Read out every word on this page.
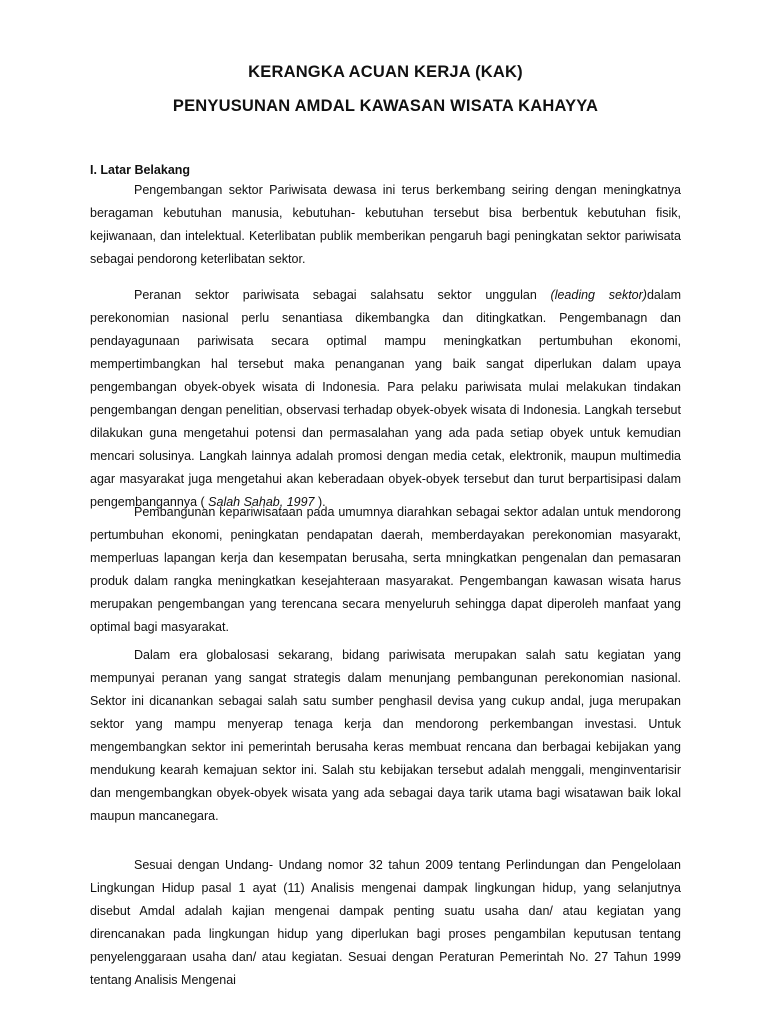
KERANGKA ACUAN KERJA (KAK)
PENYUSUNAN AMDAL KAWASAN WISATA KAHAYYA
I. Latar Belakang

Pengembangan sektor Pariwisata dewasa ini terus berkembang seiring dengan meningkatnya beragaman kebutuhan manusia, kebutuhan- kebutuhan tersebut bisa berbentuk kebutuhan fisik, kejiwanaan, dan intelektual. Keterlibatan publik memberikan pengaruh bagi peningkatan sektor pariwisata sebagai pendorong keterlibatan sektor.

Peranan sektor pariwisata sebagai salahsatu sektor unggulan (leading sektor)dalam perekonomian nasional perlu senantiasa dikembangka dan ditingkatkan. Pengembanagn dan pendayagunaan pariwisata secara optimal mampu meningkatkan pertumbuhan ekonomi, mempertimbangkan hal tersebut maka penanganan yang baik sangat diperlukan dalam upaya pengembangan obyek-obyek wisata di Indonesia. Para pelaku pariwisata mulai melakukan tindakan pengembangan dengan penelitian, observasi terhadap obyek-obyek wisata di Indonesia. Langkah tersebut dilakukan guna mengetahui potensi dan permasalahan yang ada pada setiap obyek untuk kemudian mencari solusinya. Langkah lainnya adalah promosi dengan media cetak, elektronik, maupun multimedia agar masyarakat juga mengetahui akan keberadaan obyek-obyek tersebut dan turut berpartisipasi dalam pengembangannya ( Salah Sahab, 1997 ).

Pembangunan kepariwisataan pada umumnya diarahkan sebagai sektor adalan untuk mendorong pertumbuhan ekonomi, peningkatan pendapatan daerah, memberdayakan perekonomian masyarakt, memperluas lapangan kerja dan kesempatan berusaha, serta mningkatkan pengenalan dan pemasaran produk dalam rangka meningkatkan kesejahteraan masyarakat. Pengembangan kawasan wisata harus merupakan pengembangan yang terencana secara menyeluruh sehingga dapat diperoleh manfaat yang optimal bagi masyarakat.

Dalam era globalosasi sekarang, bidang pariwisata merupakan salah satu kegiatan yang mempunyai peranan yang sangat strategis dalam menunjang pembangunan perekonomian nasional. Sektor ini dicanankan sebagai salah satu sumber penghasil devisa yang cukup andal, juga merupakan sektor yang mampu menyerap tenaga kerja dan mendorong perkembangan investasi. Untuk mengembangkan sektor ini pemerintah berusaha keras membuat rencana dan berbagai kebijakan yang mendukung kearah kemajuan sektor ini. Salah stu kebijakan tersebut adalah menggali, menginventarisir dan mengembangkan obyek-obyek wisata yang ada sebagai daya tarik utama bagi wisatawan baik lokal maupun mancanegara.

Sesuai dengan Undang- Undang nomor 32 tahun 2009 tentang Perlindungan dan Pengelolaan Lingkungan Hidup pasal 1 ayat (11) Analisis mengenai dampak lingkungan hidup, yang selanjutnya disebut Amdal adalah kajian mengenai dampak penting suatu usaha dan/ atau kegiatan yang direncanakan pada lingkungan hidup yang diperlukan bagi proses pengambilan keputusan tentang penyelenggaraan usaha dan/ atau kegiatan. Sesuai dengan Peraturan Pemerintah No. 27 Tahun 1999 tentang Analisis Mengenai
